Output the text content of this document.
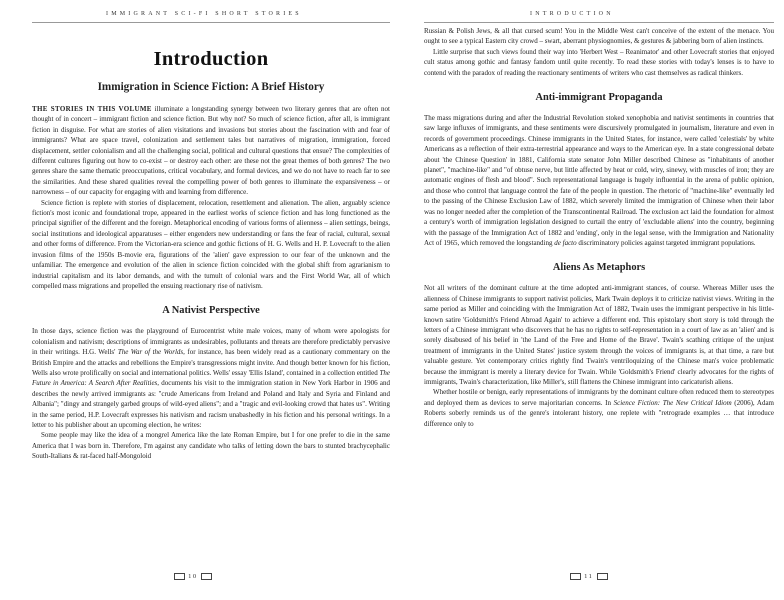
IMMIGRANT SCI-FI SHORT STORIES
Introduction
Immigration in Science Fiction: A Brief History

THE STORIES IN THIS VOLUME illuminate a longstanding synergy between two literary genres that are often not thought of in concert – immigrant fiction and science fiction. But why not? So much of science fiction, after all, is immigrant fiction in disguise. For what are stories of alien visitations and invasions but stories about the fascination with and fear of immigrants? What are space travel, colonization and settlement tales but narratives of migration, immigration, forced displacement, settler colonialism and all the challenging social, political and cultural questions that ensue? The complexities of different cultures figuring out how to co-exist – or destroy each other: are these not the great themes of both genres? The two genres share the same thematic preoccupations, critical vocabulary, and formal devices, and we do not have to reach far to see the similarities. And these shared qualities reveal the compelling power of both genres to illuminate the expansiveness – or narrowness – of our capacity for engaging with and learning from difference.

Science fiction is replete with stories of displacement, relocation, resettlement and alienation. The alien, arguably science fiction's most iconic and foundational trope, appeared in the earliest works of science fiction and has long functioned as the principal signifier of the different and the foreign. Metaphorical encoding of various forms of alienness – alien settings, beings, social institutions and ideological apparatuses – either engenders new understanding or fans the fear of racial, cultural, sexual and other forms of difference. From the Victorian-era science and gothic fictions of H. G. Wells and H. P. Lovecraft to the alien invasion films of the 1950s B-movie era, figurations of the 'alien' gave expression to our fear of the unknown and the unfamiliar. The emergence and evolution of the alien in science fiction coincided with the global shift from agrarianism to industrial capitalism and its labor demands, and with the tumult of colonial wars and the First World War, all of which compelled mass migrations and propelled the ensuing reactionary rise of nativism.

A Nativist Perspective

In those days, science fiction was the playground of Eurocentrist white male voices, many of whom were apologists for colonialism and nativism; descriptions of immigrants as undesirables, pollutants and threats are therefore predictably pervasive in their writings. H.G. Wells' The War of the Worlds, for instance, has been widely read as a cautionary commentary on the British Empire and the attacks and rebellions the Empire's transgressions might invite. And though better known for his fiction, Wells also wrote prolifically on social and international politics. Wells' essay 'Ellis Island', contained in a collection entitled The Future in America: A Search After Realities, documents his visit to the immigration station in New York Harbor in 1906 and describes the newly arrived immigrants as: "crude Americans from Ireland and Poland and Italy and Syria and Finland and Albania"; "dingy and strangely garbed groups of wild-eyed aliens"; and a "tragic and evil-looking crowd that hates us". Writing in the same period, H.P. Lovecraft expresses his nativism and racism unabashedly in his fiction and his personal writings. In a letter to his publisher about an upcoming election, he writes:

Some people may like the idea of a mongrel America like the late Roman Empire, but I for one prefer to die in the same America that I was born in. Therefore, I'm against any candidate who talks of letting down the bars to stunted brachycephalic South-Italians & rat-faced half-Mongoloid

10
INTRODUCTION

Russian & Polish Jews, & all that cursed scum! You in the Middle West can't conceive of the extent of the menace. You ought to see a typical Eastern city crowd – swart, aberrant physiognomies, & gestures & jabbering born of alien instincts.

Little surprise that such views found their way into 'Herbert West – Reanimator' and other Lovecraft stories that enjoyed cult status among gothic and fantasy fandom until quite recently. To read these stories with today's lenses is to have to contend with the paradox of reading the reactionary sentiments of writers who cast themselves as radical thinkers.

Anti-immigrant Propaganda

The mass migrations during and after the Industrial Revolution stoked xenophobia and nativist sentiments in countries that saw large influxes of immigrants, and these sentiments were discursively promulgated in journalism, literature and even in records of government proceedings. Chinese immigrants in the United States, for instance, were called 'celestials' by white Americans as a reflection of their extra-terrestrial appearance and ways to the American eye. In a state congressional debate about 'the Chinese Question' in 1881, California state senator John Miller described Chinese as "inhabitants of another planet", "machine-like" and "of obtuse nerve, but little affected by heat or cold, wiry, sinewy, with muscles of iron; they are automatic engines of flesh and blood". Such representational language is hugely influential in the arena of public opinion, and those who control that language control the fate of the people in question. The rhetoric of "machine-like" eventually led to the passing of the Chinese Exclusion Law of 1882, which severely limited the immigration of Chinese when their labor was no longer needed after the completion of the Transcontinental Railroad. The exclusion act laid the foundation for almost a century's worth of immigration legislation designed to curtail the entry of 'excludable aliens' into the country, beginning with the passage of the Immigration Act of 1882 and 'ending', only in the legal sense, with the Immigration and Nationality Act of 1965, which removed the longstanding de facto discriminatory policies against targeted immigrant populations.

Aliens As Metaphors

Not all writers of the dominant culture at the time adopted anti-immigrant stances, of course. Whereas Miller uses the alienness of Chinese immigrants to support nativist policies, Mark Twain deploys it to criticize nativist views. Writing in the same period as Miller and coinciding with the Immigration Act of 1882, Twain uses the immigrant perspective in his little-known satire 'Goldsmith's Friend Abroad Again' to achieve a different end. This epistolary short story is told through the letters of a Chinese immigrant who discovers that he has no rights to self-representation in a court of law as an 'alien' and is sorely disabused of his belief in 'the Land of the Free and Home of the Brave'. Twain's scathing critique of the unjust treatment of immigrants in the United States' justice system through the voices of immigrants is, at that time, a rare but valuable gesture. Yet contemporary critics rightly find Twain's ventriloquizing of the Chinese man's voice problematic because the immigrant is merely a literary device for Twain. While 'Goldsmith's Friend' clearly advocates for the rights of immigrants, Twain's characterization, like Miller's, still flattens the Chinese immigrant into caricaturish aliens.

Whether hostile or benign, early representations of immigrants by the dominant culture often reduced them to stereotypes and deployed them as devices to serve majoritarian concerns. In Science Fiction: The New Critical Idiom (2006), Adam Roberts soberly reminds us of the genre's intolerant history, one replete with "retrograde examples … that introduce difference only to

11
